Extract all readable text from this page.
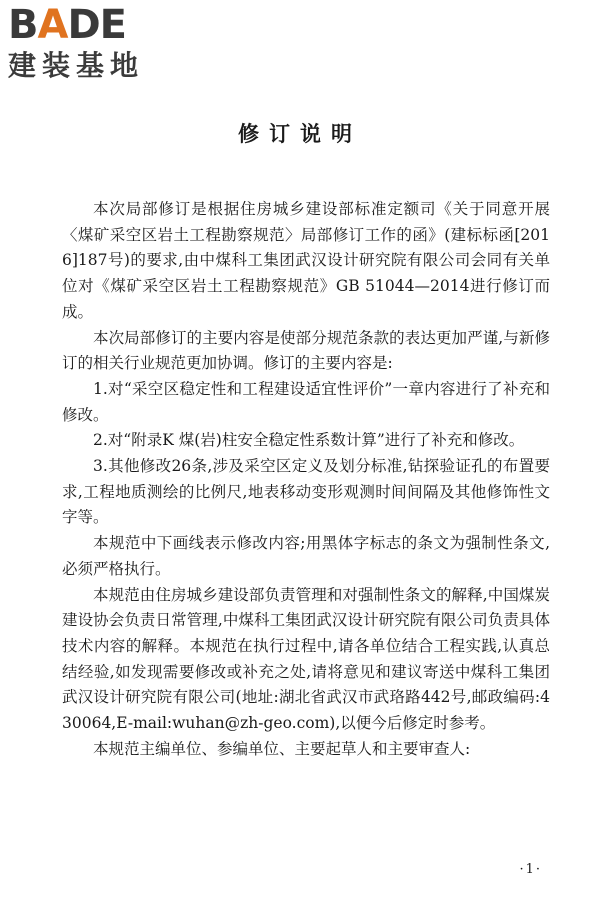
BADE
建装基地
修订说明

本次局部修订是根据住房城乡建设部标准定额司《关于同意开展〈煤矿采空区岩土工程勘察规范〉局部修订工作的函》(建标标函[2016]187号)的要求,由中煤科工集团武汉设计研究院有限公司会同有关单位对《煤矿采空区岩土工程勘察规范》GB 51044—2014进行修订而成。

本次局部修订的主要内容是使部分规范条款的表达更加严谨,与新修订的相关行业规范更加协调。修订的主要内容是:

1.对“采空区稳定性和工程建设适宜性评价”一章内容进行了补充和修改。

2.对“附录K 煤(岩)柱安全稳定性系数计算”进行了补充和修改。

3.其他修改26条,涉及采空区定义及划分标准,钻探验证孔的布置要求,工程地质测绘的比例尺,地表移动变形观测时间间隔及其他修饰性文字等。

本规范中下画线表示修改内容;用黑体字标志的条文为强制性条文,必须严格执行。

本规范由住房城乡建设部负责管理和对强制性条文的解释,中国煤炭建设协会负责日常管理,中煤科工集团武汉设计研究院有限公司负责具体技术内容的解释。本规范在执行过程中,请各单位结合工程实践,认真总结经验,如发现需要修改或补充之处,请将意见和建议寄送中煤科工集团武汉设计研究院有限公司(地址:湖北省武汉市武珞路442号,邮政编码:430064,E-mail:wuhan@zh-geo.com),以便今后修定时参考。

本规范主编单位、参编单位、主要起草人和主要审查人:

·1·
